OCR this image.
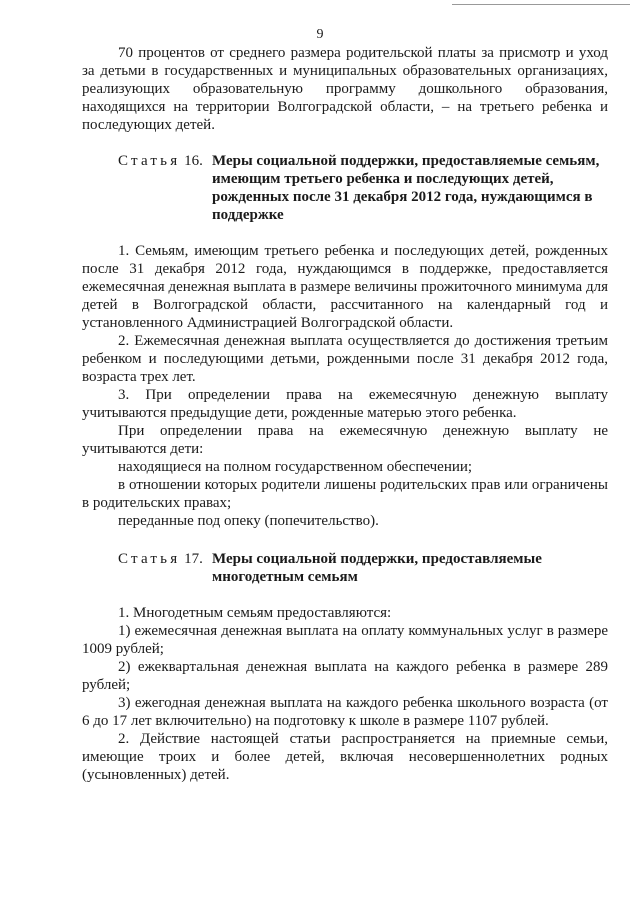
9

70 процентов от среднего размера родительской платы за присмотр и уход за детьми в государственных и муниципальных образовательных организациях, реализующих образовательную программу дошкольного образования, находящихся на территории Волгоградской области, – на третьего ребенка и последующих детей.

Статья 16. Меры социальной поддержки, предоставляемые семьям, имеющим третьего ребенка и последующих детей, рожденных после 31 декабря 2012 года, нуждающимся в поддержке

1. Семьям, имеющим третьего ребенка и последующих детей, рожденных после 31 декабря 2012 года, нуждающимся в поддержке, предоставляется ежемесячная денежная выплата в размере величины прожиточного минимума для детей в Волгоградской области, рассчитанного на календарный год и установленного Администрацией Волгоградской области.

2. Ежемесячная денежная выплата осуществляется до достижения третьим ребенком и последующими детьми, рожденными после 31 декабря 2012 года, возраста трех лет.

3. При определении права на ежемесячную денежную выплату учитываются предыдущие дети, рожденные матерью этого ребенка.

При определении права на ежемесячную денежную выплату не учитываются дети:

находящиеся на полном государственном обеспечении;

в отношении которых родители лишены родительских прав или ограничены в родительских правах;

переданные под опеку (попечительство).

Статья 17. Меры социальной поддержки, предоставляемые многодетным семьям

1. Многодетным семьям предоставляются:

1) ежемесячная денежная выплата на оплату коммунальных услуг в размере 1009 рублей;

2) ежеквартальная денежная выплата на каждого ребенка в размере 289 рублей;

3) ежегодная денежная выплата на каждого ребенка школьного возраста (от 6 до 17 лет включительно) на подготовку к школе в размере 1107 рублей.

2. Действие настоящей статьи распространяется на приемные семьи, имеющие троих и более детей, включая несовершеннолетних родных (усыновленных) детей.
